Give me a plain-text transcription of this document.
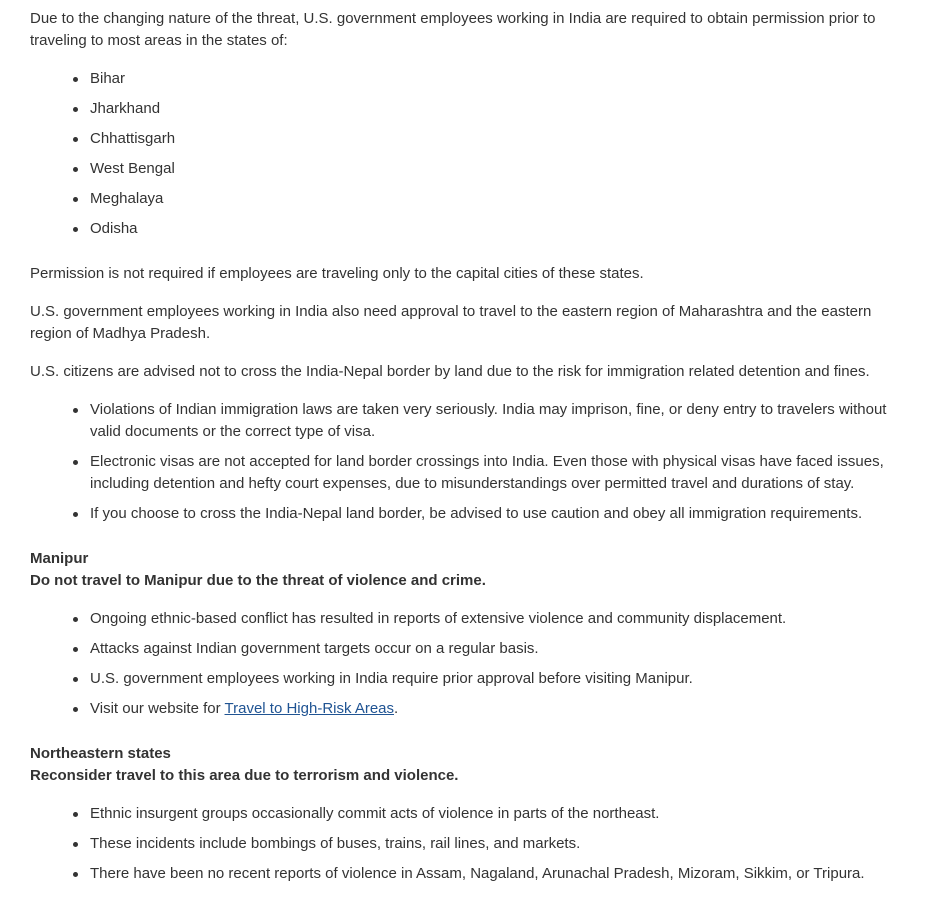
Due to the changing nature of the threat, U.S. government employees working in India are required to obtain permission prior to traveling to most areas in the states of:

Bihar
Jharkhand
Chhattisgarh
West Bengal
Meghalaya
Odisha

Permission is not required if employees are traveling only to the capital cities of these states.

U.S. government employees working in India also need approval to travel to the eastern region of Maharashtra and the eastern region of Madhya Pradesh.

U.S. citizens are advised not to cross the India-Nepal border by land due to the risk for immigration related detention and fines.

Violations of Indian immigration laws are taken very seriously. India may imprison, fine, or deny entry to travelers without valid documents or the correct type of visa.
Electronic visas are not accepted for land border crossings into India. Even those with physical visas have faced issues, including detention and hefty court expenses, due to misunderstandings over permitted travel and durations of stay.
If you choose to cross the India-Nepal land border, be advised to use caution and obey all immigration requirements.

Manipur

Do not travel to Manipur due to the threat of violence and crime.

Ongoing ethnic-based conflict has resulted in reports of extensive violence and community displacement.
Attacks against Indian government targets occur on a regular basis.
U.S. government employees working in India require prior approval before visiting Manipur.
Visit our website for Travel to High-Risk Areas.

Northeastern states

Reconsider travel to this area due to terrorism and violence.

Ethnic insurgent groups occasionally commit acts of violence in parts of the northeast.
These incidents include bombings of buses, trains, rail lines, and markets.
There have been no recent reports of violence in Assam, Nagaland, Arunachal Pradesh, Mizoram, Sikkim, or Tripura.
